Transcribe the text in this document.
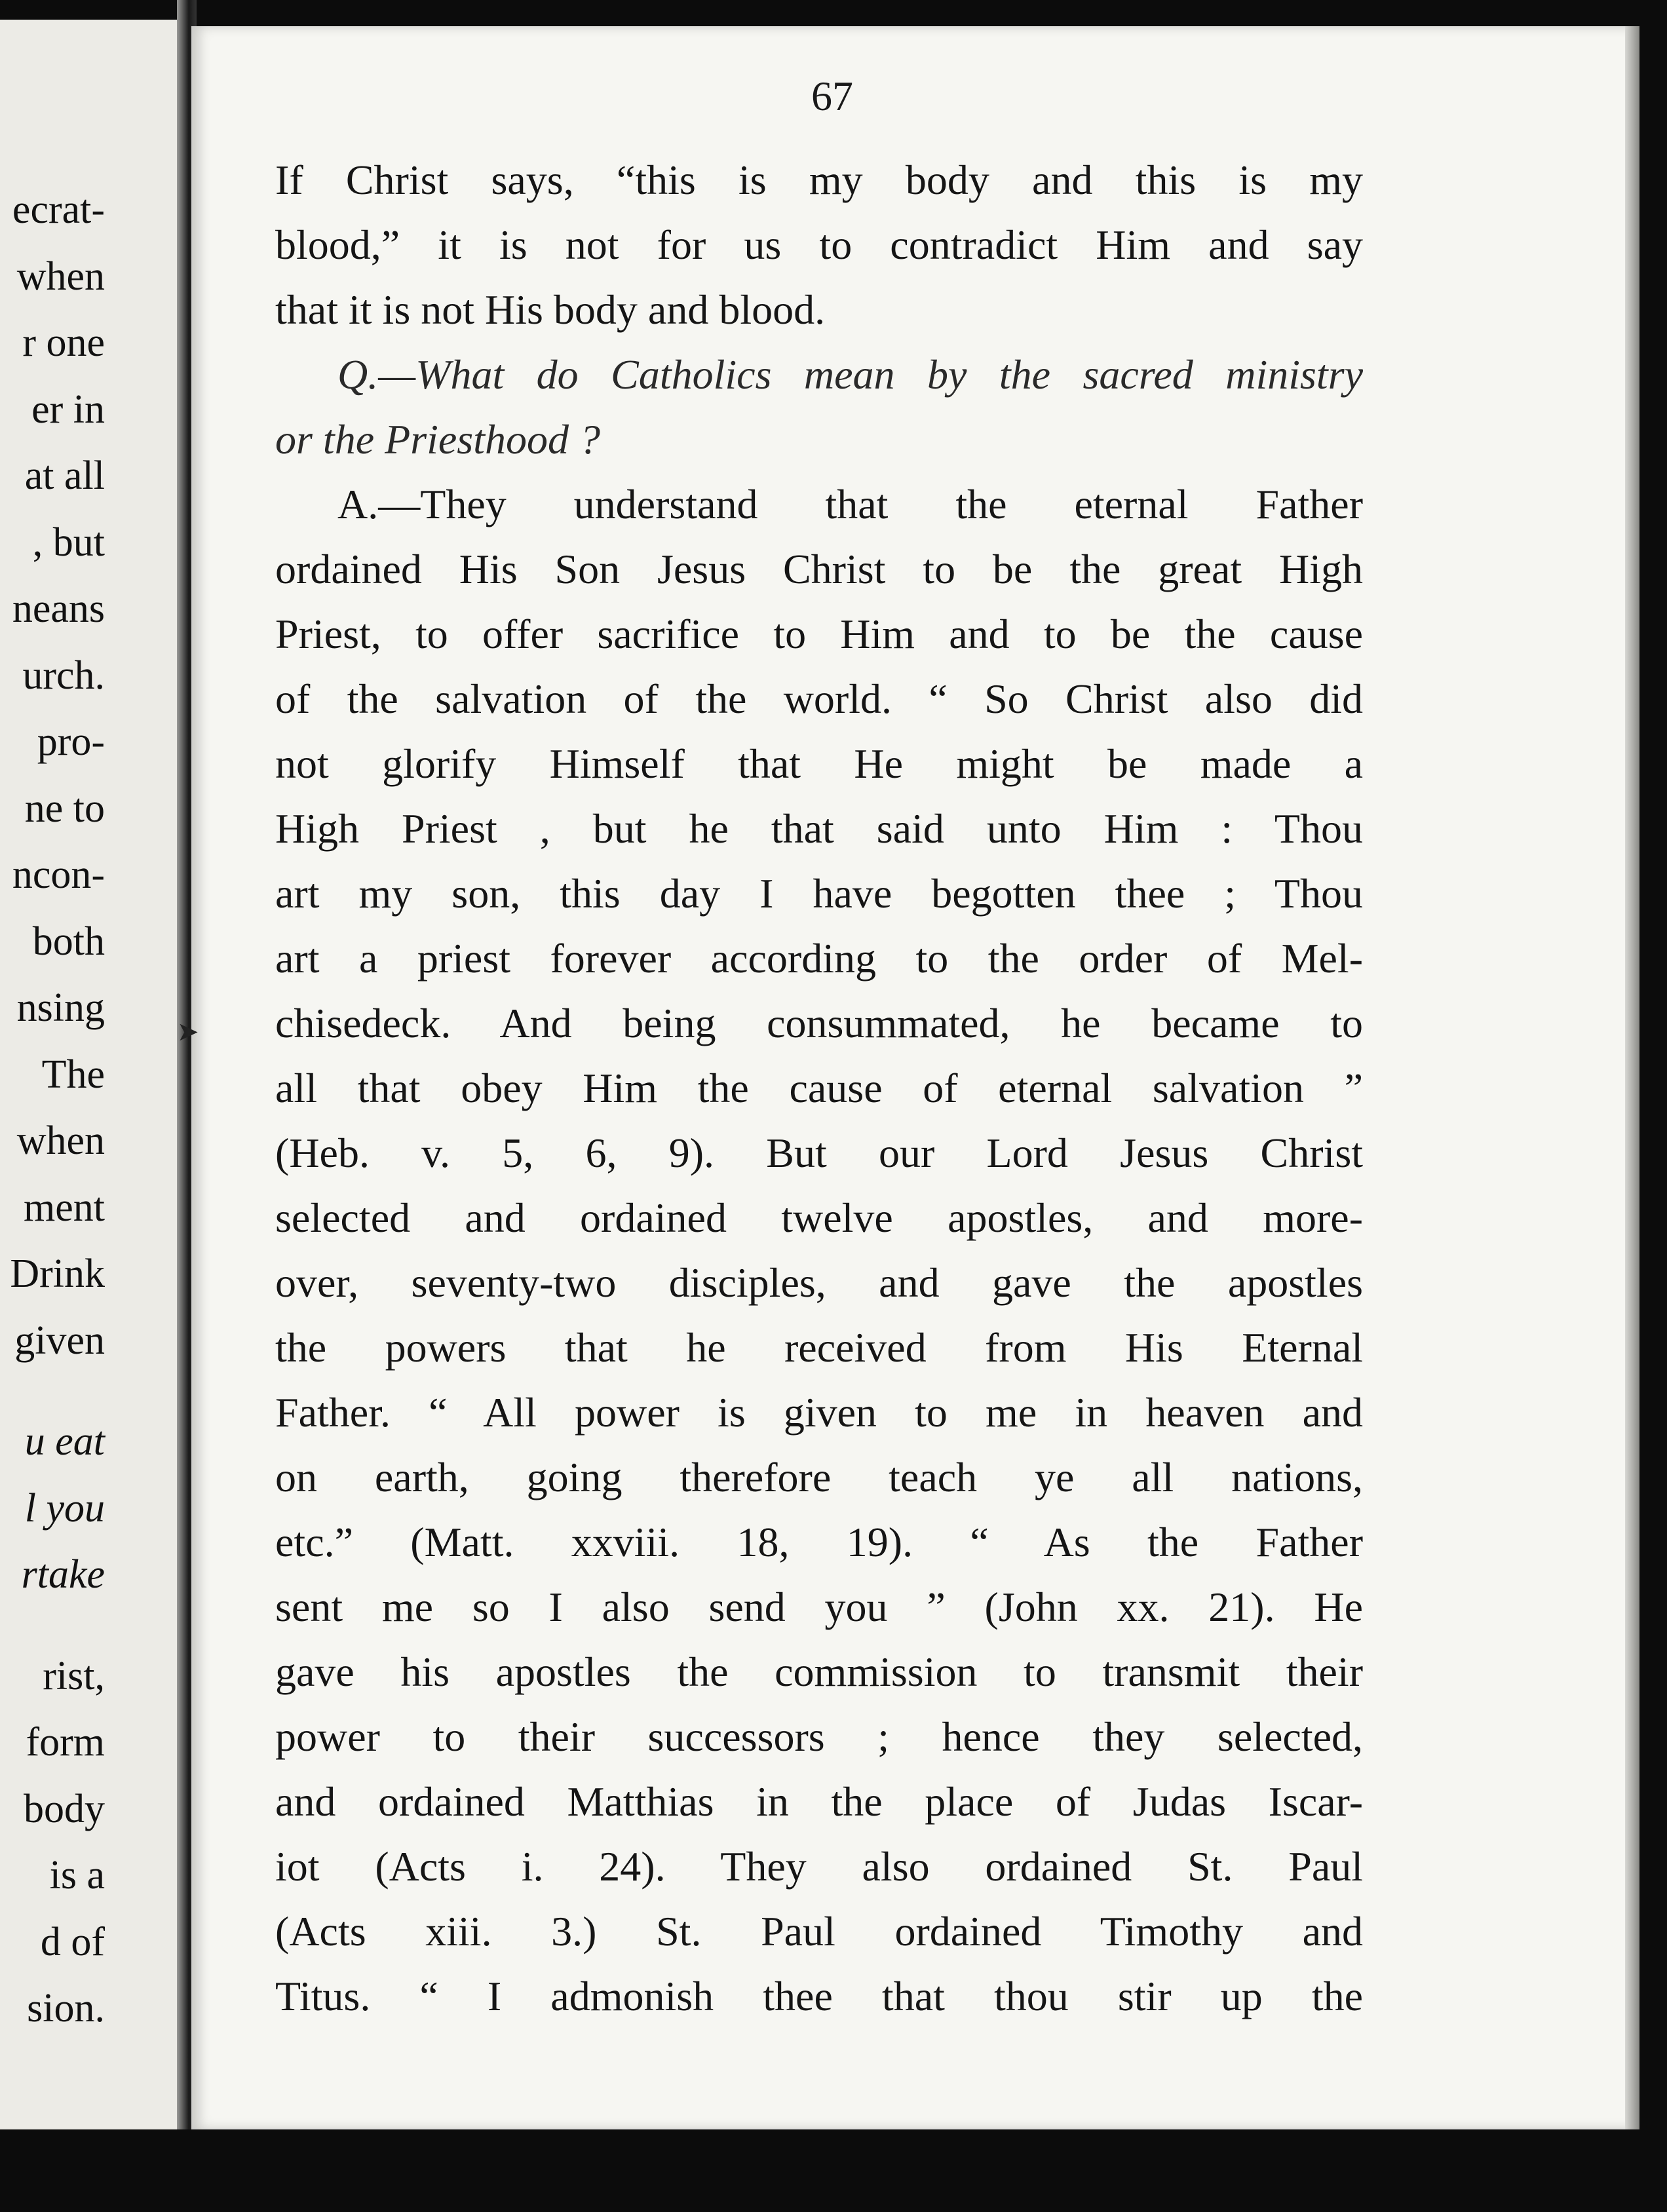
ecrat-
when
r one
er in
at all
, but
neans
urch.
pro-
ne to
ncon-
both
nsing
The
when
ment
Drink
given
u eat
l you
rtake
rist,
form
body
is a
d of
sion.
➤
67
If Christ says, “this is my body and this is my
blood,” it is not for us to contradict Him and say
that it is not His body and blood.
Q.—What do Catholics mean by the sacred ministry
or the Priesthood ?
A.—They understand that the eternal Father
ordained His Son Jesus Christ to be the great High
Priest, to offer sacrifice to Him and to be the cause
of the salvation of the world. “ So Christ also did
not glorify Himself that He might be made a
High Priest , but he that said unto Him : Thou
art my son, this day I have begotten thee ; Thou
art a priest forever according to the order of Mel-
chisedeck. And being consummated, he became to
all that obey Him the cause of eternal salvation ”
(Heb. v. 5, 6, 9). But our Lord Jesus Christ
selected and ordained twelve apostles, and more-
over, seventy-two disciples, and gave the apostles
the powers that he received from His Eternal
Father. “ All power is given to me in heaven and
on earth, going therefore teach ye all nations,
etc.” (Matt. xxviii. 18, 19). “ As the Father
sent me so I also send you ” (John xx. 21). He
gave his apostles the commission to transmit their
power to their successors ; hence they selected,
and ordained Matthias in the place of Judas Iscar-
iot (Acts i. 24). They also ordained St. Paul
(Acts xiii. 3.) St. Paul ordained Timothy and
Titus. “ I admonish thee that thou stir up the
